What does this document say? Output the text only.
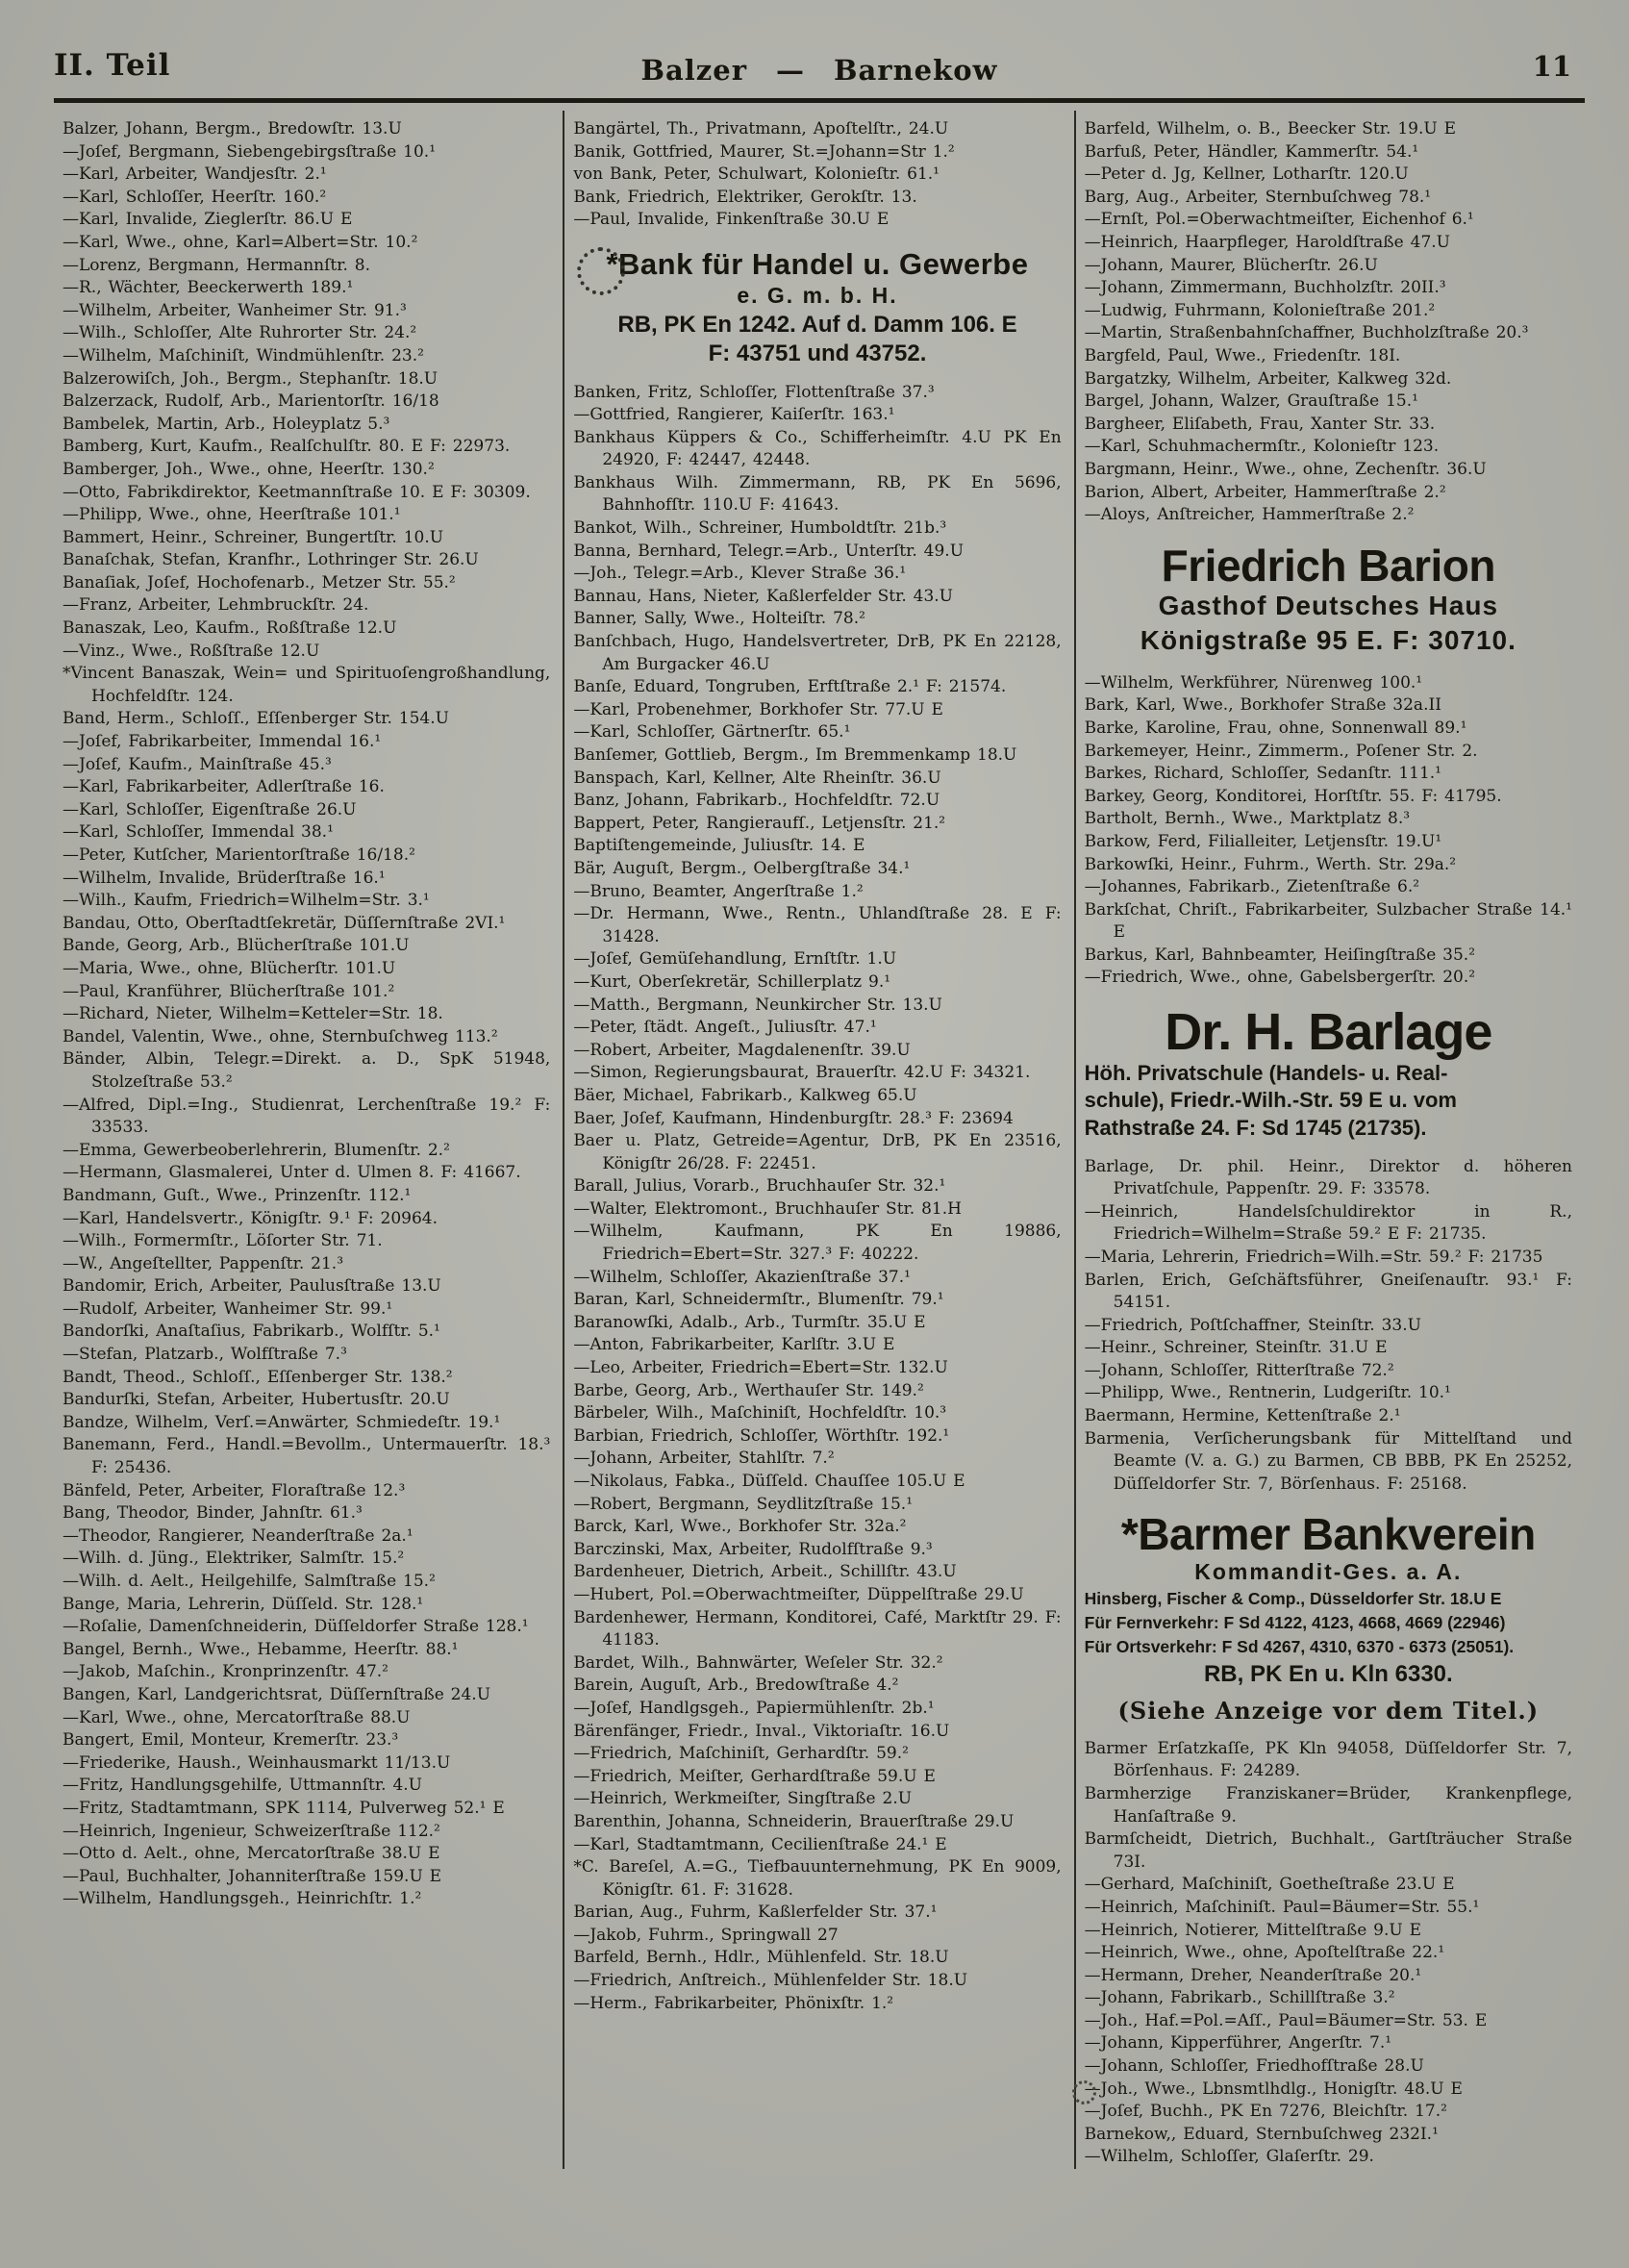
II. Teil	Balzer — Barnekow	11

Balzer, Johann, Bergm., Bredowſtr. 13.U

—Joſef, Bergmann, Siebengebirgsſtraße 10.¹

—Karl, Arbeiter, Wandjesſtr. 2.¹

—Karl, Schloſſer, Heerſtr. 160.²

—Karl, Invalide, Zieglerſtr. 86.U E

—Karl, Wwe., ohne, Karl=Albert=Str. 10.²

—Lorenz, Bergmann, Hermannſtr. 8.

—R., Wächter, Beeckerwerth 189.¹

—Wilhelm, Arbeiter, Wanheimer Str. 91.³

—Wilh., Schloſſer, Alte Ruhrorter Str. 24.²

—Wilhelm, Maſchiniſt, Windmühlenſtr. 23.²

Balzerowiſch, Joh., Bergm., Stephanſtr. 18.U

Balzerzack, Rudolf, Arb., Marientorſtr. 16/18

Bambelek, Martin, Arb., Holeyplatz 5.³

Bamberg, Kurt, Kaufm., Realſchulſtr. 80. E F: 22973.

Bamberger, Joh., Wwe., ohne, Heerſtr. 130.²

—Otto, Fabrikdirektor, Keetmannſtraße 10. E F: 30309.

—Philipp, Wwe., ohne, Heerſtraße 101.¹

Bammert, Heinr., Schreiner, Bungertſtr. 10.U

Banaſchak, Stefan, Kranfhr., Lothringer Str. 26.U

Banaſiak, Joſef, Hochofenarb., Metzer Str. 55.²

—Franz, Arbeiter, Lehmbruckſtr. 24.

Banaszak, Leo, Kaufm., Roßſtraße 12.U

—Vinz., Wwe., Roßſtraße 12.U

*Vincent Banaszak, Wein= und Spirituoſengroßhandlung, Hochfeldſtr. 124.

Band, Herm., Schloſſ., Eſſenberger Str. 154.U

—Joſef, Fabrikarbeiter, Immendal 16.¹

—Joſef, Kaufm., Mainſtraße 45.³

—Karl, Fabrikarbeiter, Adlerſtraße 16.

—Karl, Schloſſer, Eigenſtraße 26.U

—Karl, Schloſſer, Immendal 38.¹

—Peter, Kutſcher, Marientorſtraße 16/18.²

—Wilhelm, Invalide, Brüderſtraße 16.¹

—Wilh., Kaufm, Friedrich=Wilhelm=Str. 3.¹

Bandau, Otto, Oberſtadtſekretär, Düſſernſtraße 2VI.¹

Bande, Georg, Arb., Blücherſtraße 101.U

—Maria, Wwe., ohne, Blücherſtr. 101.U

—Paul, Kranführer, Blücherſtraße 101.²

—Richard, Nieter, Wilhelm=Ketteler=Str. 18.

Bandel, Valentin, Wwe., ohne, Sternbuſchweg 113.²

Bänder, Albin, Telegr.=Direkt. a. D., SpK 51948, Stolzeſtraße 53.²

—Alfred, Dipl.=Ing., Studienrat, Lerchenſtraße 19.² F: 33533.

—Emma, Gewerbeoberlehrerin, Blumenſtr. 2.²

—Hermann, Glasmalerei, Unter d. Ulmen 8. F: 41667.

Bandmann, Guſt., Wwe., Prinzenſtr. 112.¹

—Karl, Handelsvertr., Königſtr. 9.¹ F: 20964.

—Wilh., Formermſtr., Löſorter Str. 71.

—W., Angeſtellter, Pappenſtr. 21.³

Bandomir, Erich, Arbeiter, Paulusſtraße 13.U

—Rudolf, Arbeiter, Wanheimer Str. 99.¹

Bandorſki, Anaſtaſius, Fabrikarb., Wolfſtr. 5.¹

—Stefan, Platzarb., Wolfſtraße 7.³

Bandt, Theod., Schloſſ., Eſſenberger Str. 138.²

Bandurſki, Stefan, Arbeiter, Hubertusſtr. 20.U

Bandze, Wilhelm, Verſ.=Anwärter, Schmiedeſtr. 19.¹

Banemann, Ferd., Handl.=Bevollm., Untermauerſtr. 18.³ F: 25436.

Bänfeld, Peter, Arbeiter, Floraſtraße 12.³

Bang, Theodor, Binder, Jahnſtr. 61.³

—Theodor, Rangierer, Neanderſtraße 2a.¹

—Wilh. d. Jüng., Elektriker, Salmſtr. 15.²

—Wilh. d. Aelt., Heilgehilfe, Salmſtraße 15.²

Bange, Maria, Lehrerin, Düſſeld. Str. 128.¹

—Roſalie, Damenſchneiderin, Düſſeldorfer Straße 128.¹

Bangel, Bernh., Wwe., Hebamme, Heerſtr. 88.¹

—Jakob, Maſchin., Kronprinzenſtr. 47.²

Bangen, Karl, Landgerichtsrat, Düſſernſtraße 24.U

—Karl, Wwe., ohne, Mercatorſtraße 88.U

Bangert, Emil, Monteur, Kremerſtr. 23.³

—Friederike, Haush., Weinhausmarkt 11/13.U

—Fritz, Handlungsgehilfe, Uttmannſtr. 4.U

—Fritz, Stadtamtmann, SPK 1114, Pulverweg 52.¹ E

—Heinrich, Ingenieur, Schweizerſtraße 112.²

—Otto d. Aelt., ohne, Mercatorſtraße 38.U E

—Paul, Buchhalter, Johanniterſtraße 159.U E

—Wilhelm, Handlungsgeh., Heinrichſtr. 1.²

Bangärtel, Th., Privatmann, Apoſtelſtr., 24.U

Banik, Gottfried, Maurer, St.=Johann=Str 1.²

von Bank, Peter, Schulwart, Kolonieſtr. 61.¹

Bank, Friedrich, Elektriker, Gerokſtr. 13.

—Paul, Invalide, Finkenſtraße 30.U E

*Bank für Handel u. Gewerbe
e. G. m. b. H.
RB, PK En 1242. Auf d. Damm 106. E
F: 43751 und 43752.

Banken, Fritz, Schloſſer, Flottenſtraße 37.³

—Gottfried, Rangierer, Kaiſerſtr. 163.¹

Bankhaus Küppers & Co., Schifferheimſtr. 4.U PK En 24920, F: 42447, 42448.

Bankhaus Wilh. Zimmermann, RB, PK En 5696, Bahnhofſtr. 110.U F: 41643.

Bankot, Wilh., Schreiner, Humboldtſtr. 21b.³

Banna, Bernhard, Telegr.=Arb., Unterſtr. 49.U

—Joh., Telegr.=Arb., Klever Straße 36.¹

Bannau, Hans, Nieter, Kaßlerfelder Str. 43.U

Banner, Sally, Wwe., Holteiſtr. 78.²

Banſchbach, Hugo, Handelsvertreter, DrB, PK En 22128, Am Burgacker 46.U

Banſe, Eduard, Tongruben, Erftſtraße 2.¹ F: 21574.

—Karl, Probenehmer, Borkhofer Str. 77.U E

—Karl, Schloſſer, Gärtnerſtr. 65.¹

Banſemer, Gottlieb, Bergm., Im Bremmenkamp 18.U

Banspach, Karl, Kellner, Alte Rheinſtr. 36.U

Banz, Johann, Fabrikarb., Hochfeldſtr. 72.U

Bappert, Peter, Rangieraufſ., Letjensſtr. 21.²

Baptiſtengemeinde, Juliusſtr. 14. E

Bär, Auguſt, Bergm., Oelbergſtraße 34.¹

—Bruno, Beamter, Angerſtraße 1.²

—Dr. Hermann, Wwe., Rentn., Uhlandſtraße 28. E F: 31428.

—Joſef, Gemüſehandlung, Ernſtſtr. 1.U

—Kurt, Oberſekretär, Schillerplatz 9.¹

—Matth., Bergmann, Neunkircher Str. 13.U

—Peter, ſtädt. Angeſt., Juliusſtr. 47.¹

—Robert, Arbeiter, Magdalenenſtr. 39.U

—Simon, Regierungsbaurat, Brauerſtr. 42.U F: 34321.

Bäer, Michael, Fabrikarb., Kalkweg 65.U

Baer, Joſef, Kaufmann, Hindenburgſtr. 28.³ F: 23694

Baer u. Platz, Getreide=Agentur, DrB, PK En 23516, Königſtr 26/28. F: 22451.

Barall, Julius, Vorarb., Bruchhauſer Str. 32.¹

—Walter, Elektromont., Bruchhauſer Str. 81.H

—Wilhelm, Kaufmann, PK En 19886, Friedrich=Ebert=Str. 327.³ F: 40222.

—Wilhelm, Schloſſer, Akazienſtraße 37.¹

Baran, Karl, Schneidermſtr., Blumenſtr. 79.¹

Baranowſki, Adalb., Arb., Turmſtr. 35.U E

—Anton, Fabrikarbeiter, Karlſtr. 3.U E

—Leo, Arbeiter, Friedrich=Ebert=Str. 132.U

Barbe, Georg, Arb., Werthauſer Str. 149.²

Bärbeler, Wilh., Maſchiniſt, Hochfeldſtr. 10.³

Barbian, Friedrich, Schloſſer, Wörthſtr. 192.¹

—Johann, Arbeiter, Stahlſtr. 7.²

—Nikolaus, Fabka., Düſſeld. Chauſſee 105.U E

—Robert, Bergmann, Seydlitzſtraße 15.¹

Barck, Karl, Wwe., Borkhofer Str. 32a.²

Barczinski, Max, Arbeiter, Rudolfſtraße 9.³

Bardenheuer, Dietrich, Arbeit., Schillſtr. 43.U

—Hubert, Pol.=Oberwachtmeiſter, Düppelſtraße 29.U

Bardenhewer, Hermann, Konditorei, Café, Marktſtr 29. F: 41183.

Bardet, Wilh., Bahnwärter, Weſeler Str. 32.²

Barein, Auguſt, Arb., Bredowſtraße 4.²

—Joſef, Handlgsgeh., Papiermühlenſtr. 2b.¹

Bärenfänger, Friedr., Inval., Viktoriaſtr. 16.U

—Friedrich, Maſchiniſt, Gerhardſtr. 59.²

—Friedrich, Meiſter, Gerhardſtraße 59.U E

—Heinrich, Werkmeiſter, Singſtraße 2.U

Barenthin, Johanna, Schneiderin, Brauerſtraße 29.U

—Karl, Stadtamtmann, Cecilienſtraße 24.¹ E

*C. Bareſel, A.=G., Tiefbauunternehmung, PK En 9009, Königſtr. 61. F: 31628.

Barian, Aug., Fuhrm, Kaßlerfelder Str. 37.¹

—Jakob, Fuhrm., Springwall 27

Barfeld, Bernh., Hdlr., Mühlenfeld. Str. 18.U

—Friedrich, Anſtreich., Mühlenfelder Str. 18.U

—Herm., Fabrikarbeiter, Phönixſtr. 1.²

Barfeld, Wilhelm, o. B., Beecker Str. 19.U E

Barfuß, Peter, Händler, Kammerſtr. 54.¹

—Peter d. Jg, Kellner, Lotharſtr. 120.U

Barg, Aug., Arbeiter, Sternbuſchweg 78.¹

—Ernſt, Pol.=Oberwachtmeiſter, Eichenhof 6.¹

—Heinrich, Haarpfleger, Haroldſtraße 47.U

—Johann, Maurer, Blücherſtr. 26.U

—Johann, Zimmermann, Buchholzſtr. 20II.³

—Ludwig, Fuhrmann, Kolonieſtraße 201.²

—Martin, Straßenbahnſchaffner, Buchholzſtraße 20.³

Bargfeld, Paul, Wwe., Friedenſtr. 18I.

Bargatzky, Wilhelm, Arbeiter, Kalkweg 32d.

Bargel, Johann, Walzer, Grauſtraße 15.¹

Bargheer, Eliſabeth, Frau, Xanter Str. 33.

—Karl, Schuhmachermſtr., Kolonieſtr 123.

Bargmann, Heinr., Wwe., ohne, Zechenſtr. 36.U

Barion, Albert, Arbeiter, Hammerſtraße 2.²

—Aloys, Anſtreicher, Hammerſtraße 2.²

Friedrich Barion
Gasthof Deutsches Haus
Königstraße 95 E. F: 30710.

—Wilhelm, Werkführer, Nürenweg 100.¹

Bark, Karl, Wwe., Borkhofer Straße 32a.II

Barke, Karoline, Frau, ohne, Sonnenwall 89.¹

Barkemeyer, Heinr., Zimmerm., Poſener Str. 2.

Barkes, Richard, Schloſſer, Sedanſtr. 111.¹

Barkey, Georg, Konditorei, Horſtſtr. 55. F: 41795.

Bartholt, Bernh., Wwe., Marktplatz 8.³

Barkow, Ferd, Filialleiter, Letjensſtr. 19.U¹

Barkowſki, Heinr., Fuhrm., Werth. Str. 29a.²

—Johannes, Fabrikarb., Zietenſtraße 6.²

Barkſchat, Chriſt., Fabrikarbeiter, Sulzbacher Straße 14.¹ E

Barkus, Karl, Bahnbeamter, Heiſingſtraße 35.²

—Friedrich, Wwe., ohne, Gabelsbergerſtr. 20.²

Dr. H. Barlage
Höh. Privatschule (Handels- u. Real-
schule), Friedr.-Wilh.-Str. 59 E u. vom
Rathstraße 24. F: Sd 1745 (21735).

Barlage, Dr. phil. Heinr., Direktor d. höheren Privatſchule, Pappenſtr. 29. F: 33578.

—Heinrich, Handelsſchuldirektor in R., Friedrich=Wilhelm=Straße 59.² E F: 21735.

—Maria, Lehrerin, Friedrich=Wilh.=Str. 59.² F: 21735

Barlen, Erich, Geſchäftsführer, Gneiſenauſtr. 93.¹ F: 54151.

—Friedrich, Poſtſchaffner, Steinſtr. 33.U

—Heinr., Schreiner, Steinſtr. 31.U E

—Johann, Schloſſer, Ritterſtraße 72.²

—Philipp, Wwe., Rentnerin, Ludgeriſtr. 10.¹

Baermann, Hermine, Kettenſtraße 2.¹

Barmenia, Verſicherungsbank für Mittelſtand und Beamte (V. a. G.) zu Barmen, CB BBB, PK En 25252, Düſſeldorfer Str. 7, Börſenhaus. F: 25168.

*Barmer Bankverein
Kommandit-Ges. a. A.
Hinsberg, Fischer & Comp., Düsseldorfer Str. 18.U E
Für Fernverkehr: F Sd 4122, 4123, 4668, 4669 (22946)
Für Ortsverkehr: F Sd 4267, 4310, 6370 - 6373 (25051).
RB, PK En u. Kln 6330.
(Siehe Anzeige vor dem Titel.)

Barmer Erſatzkaſſe, PK Kln 94058, Düſſeldorfer Str. 7, Börſenhaus. F: 24289.

Barmherzige Franziskaner=Brüder, Krankenpflege, Hanſaſtraße 9.

Barmſcheidt, Dietrich, Buchhalt., Gartſträucher Straße 73I.

—Gerhard, Maſchiniſt, Goetheſtraße 23.U E

—Heinrich, Maſchiniſt. Paul=Bäumer=Str. 55.¹

—Heinrich, Notierer, Mittelſtraße 9.U E

—Heinrich, Wwe., ohne, Apoſtelſtraße 22.¹

—Hermann, Dreher, Neanderſtraße 20.¹

—Johann, Fabrikarb., Schillſtraße 3.²

—Joh., Haf.=Pol.=Aſſ., Paul=Bäumer=Str. 53. E

—Johann, Kipperführer, Angerſtr. 7.¹

—Johann, Schloſſer, Friedhofſtraße 28.U

—Joh., Wwe., Lbnsmtlhdlg., Honigſtr. 48.U E

—Joſef, Buchh., PK En 7276, Bleichſtr. 17.²

Barnekow,, Eduard, Sternbuſchweg 232I.¹

—Wilhelm, Schloſſer, Glaſerſtr. 29.
